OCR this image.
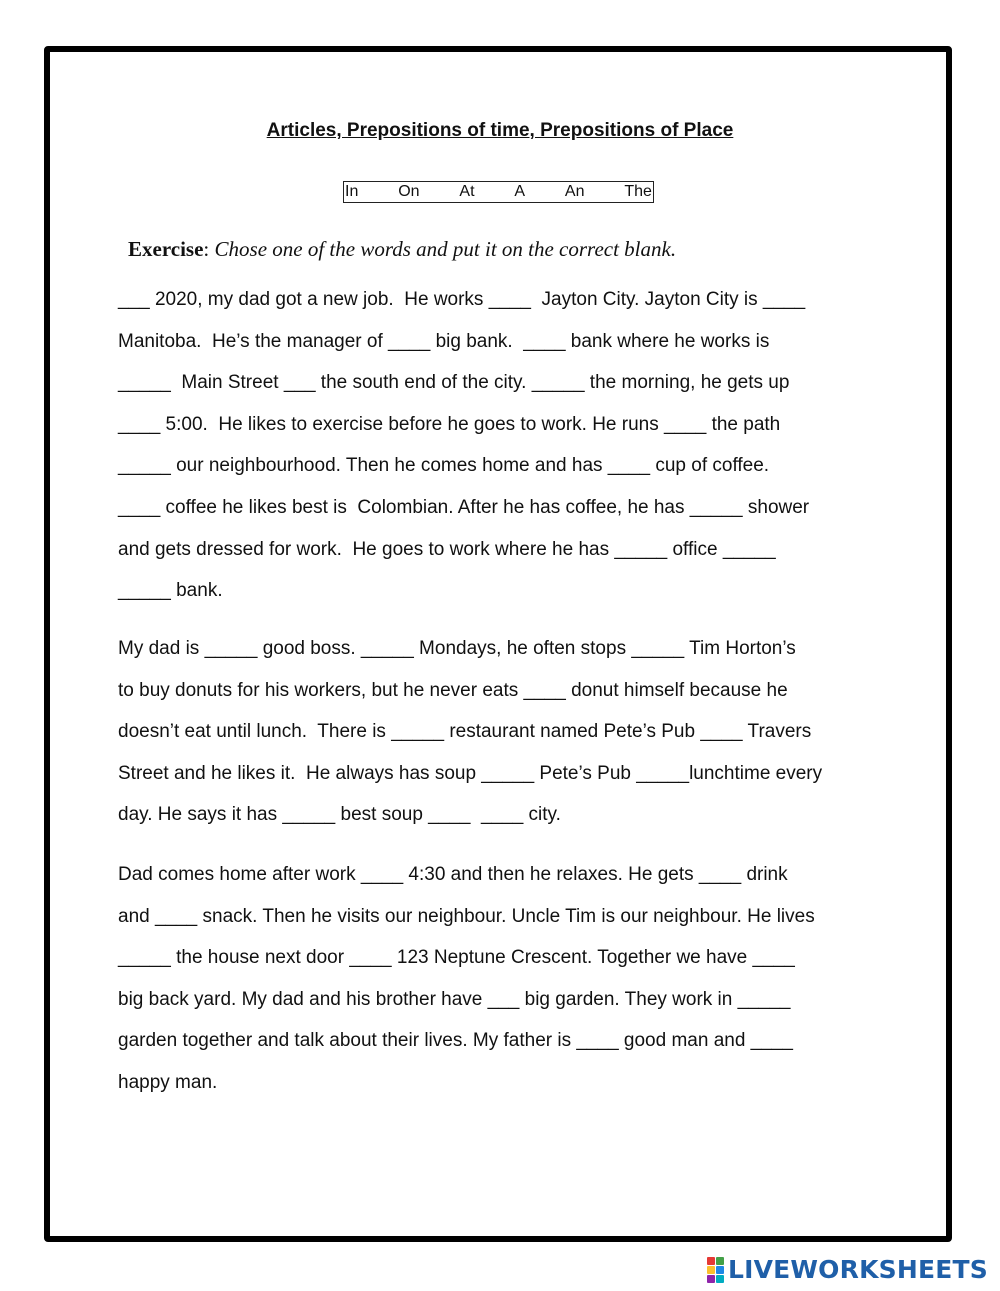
Articles, Prepositions of time, Prepositions of Place
In On At A An The

Exercise: Chose one of the words and put it on the correct blank.

___ 2020, my dad got a new job.  He works ____  Jayton City. Jayton City is ____
Manitoba.  He’s the manager of ____ big bank.  ____ bank where he works is
_____  Main Street ___ the south end of the city. _____ the morning, he gets up
____ 5:00.  He likes to exercise before he goes to work. He runs ____ the path
_____ our neighbourhood. Then he comes home and has ____ cup of coffee.
____ coffee he likes best is  Colombian. After he has coffee, he has _____ shower
and gets dressed for work.  He goes to work where he has _____ office _____
_____ bank.
My dad is _____ good boss. _____ Mondays, he often stops _____ Tim Horton’s
to buy donuts for his workers, but he never eats ____ donut himself because he
doesn’t eat until lunch.  There is _____ restaurant named Pete’s Pub ____ Travers
Street and he likes it.  He always has soup _____ Pete’s Pub _____lunchtime every
day. He says it has _____ best soup ____  ____ city.
Dad comes home after work ____ 4:30 and then he relaxes. He gets ____ drink
and ____ snack. Then he visits our neighbour. Uncle Tim is our neighbour. He lives
_____ the house next door ____ 123 Neptune Crescent. Together we have ____
big back yard. My dad and his brother have ___ big garden. They work in _____
garden together and talk about their lives. My father is ____ good man and ____
happy man.
LIVEWORKSHEETS
